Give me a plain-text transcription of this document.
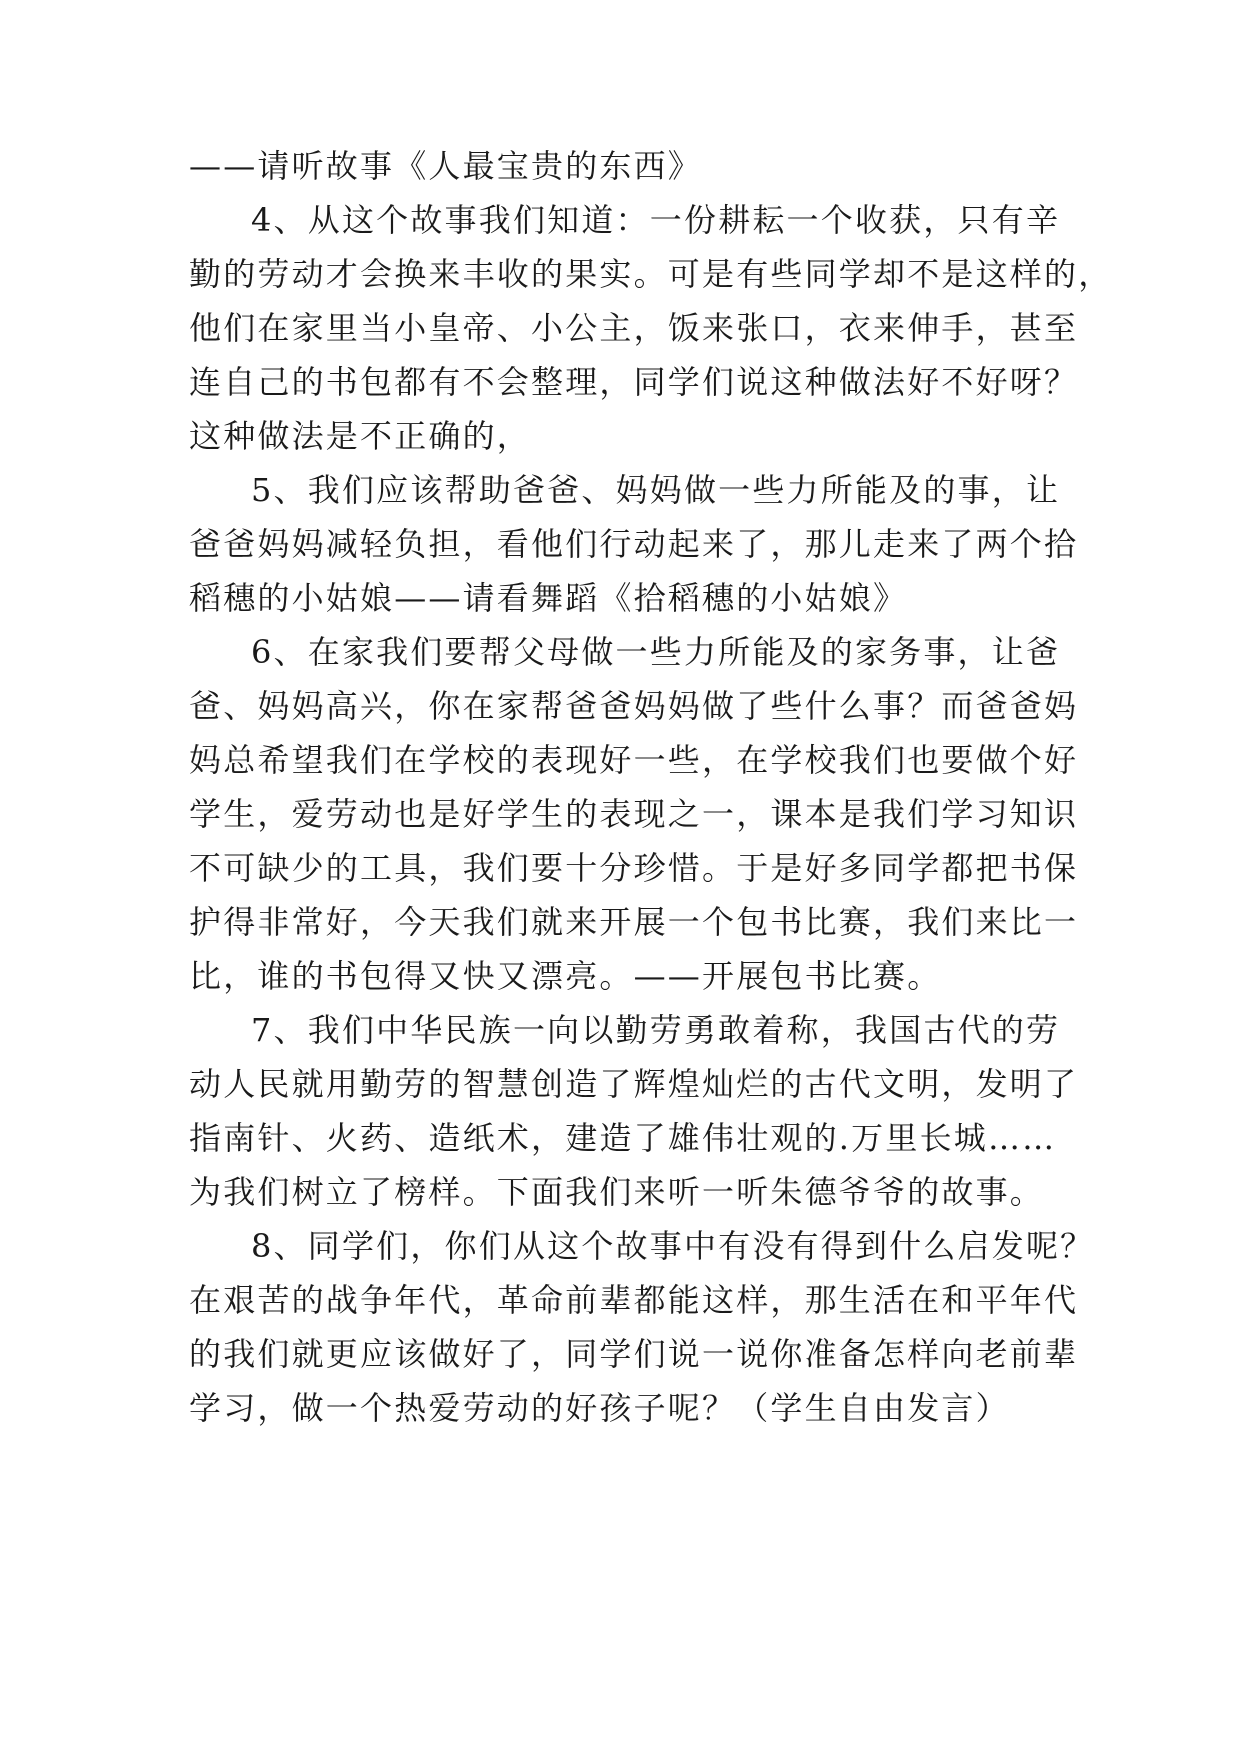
——请听故事《人最宝贵的东西》
4、从这个故事我们知道：一份耕耘一个收获，只有辛
勤的劳动才会换来丰收的果实。可是有些同学却不是这样的，
他们在家里当小皇帝、小公主，饭来张口，衣来伸手，甚至
连自己的书包都有不会整理，同学们说这种做法好不好呀？
这种做法是不正确的，
5、我们应该帮助爸爸、妈妈做一些力所能及的事，让
爸爸妈妈减轻负担，看他们行动起来了，那儿走来了两个拾
稻穗的小姑娘——请看舞蹈《拾稻穗的小姑娘》
6、在家我们要帮父母做一些力所能及的家务事，让爸
爸、妈妈高兴，你在家帮爸爸妈妈做了些什么事？而爸爸妈
妈总希望我们在学校的表现好一些，在学校我们也要做个好
学生，爱劳动也是好学生的表现之一，课本是我们学习知识
不可缺少的工具，我们要十分珍惜。于是好多同学都把书保
护得非常好，今天我们就来开展一个包书比赛，我们来比一
比，谁的书包得又快又漂亮。——开展包书比赛。
7、我们中华民族一向以勤劳勇敢着称，我国古代的劳
动人民就用勤劳的智慧创造了辉煌灿烂的古代文明，发明了
指南针、火药、造纸术，建造了雄伟壮观的.万里长城……
为我们树立了榜样。下面我们来听一听朱德爷爷的故事。
8、同学们，你们从这个故事中有没有得到什么启发呢？
在艰苦的战争年代，革命前辈都能这样，那生活在和平年代
的我们就更应该做好了，同学们说一说你准备怎样向老前辈
学习，做一个热爱劳动的好孩子呢？（学生自由发言）
